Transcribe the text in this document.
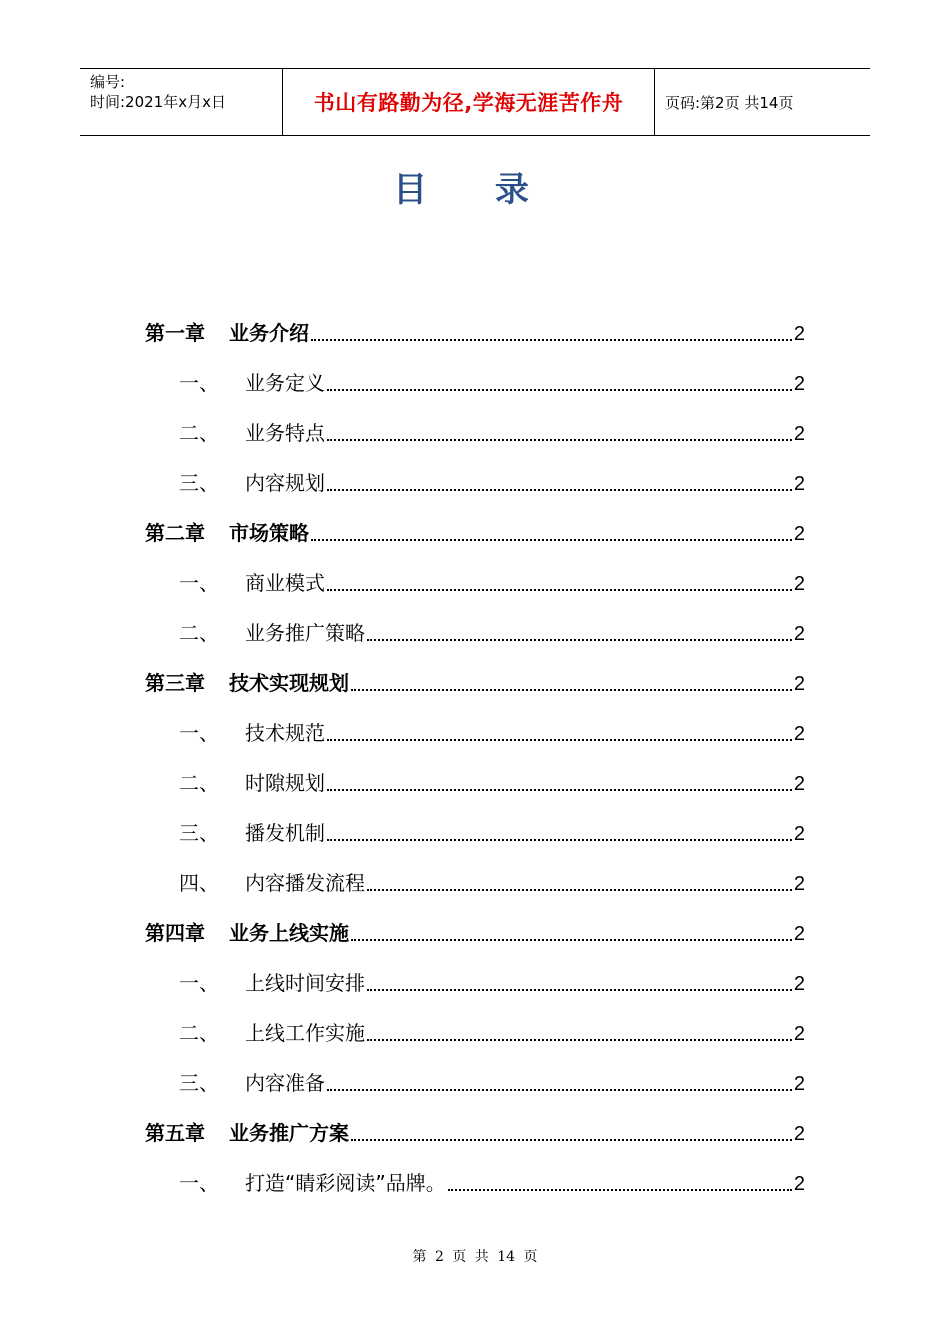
编号:
时间:2021年x月x日	书山有路勤为径,学海无涯苦作舟	页码:第2页 共14页
目 录
第一章	业务介绍	2
一、	业务定义	2
二、	业务特点	2
三、	内容规划	2
第二章	市场策略	2
一、	商业模式	2
二、	业务推广策略	2
第三章	技术实现规划	2
一、	技术规范	2
二、	时隙规划	2
三、	播发机制	2
四、	内容播发流程	2
第四章	业务上线实施	2
一、	上线时间安排	2
二、	上线工作实施	2
三、	内容准备	2
第五章	业务推广方案	2
一、	打造“睛彩阅读”品牌。	2
第 2 页 共 14 页
